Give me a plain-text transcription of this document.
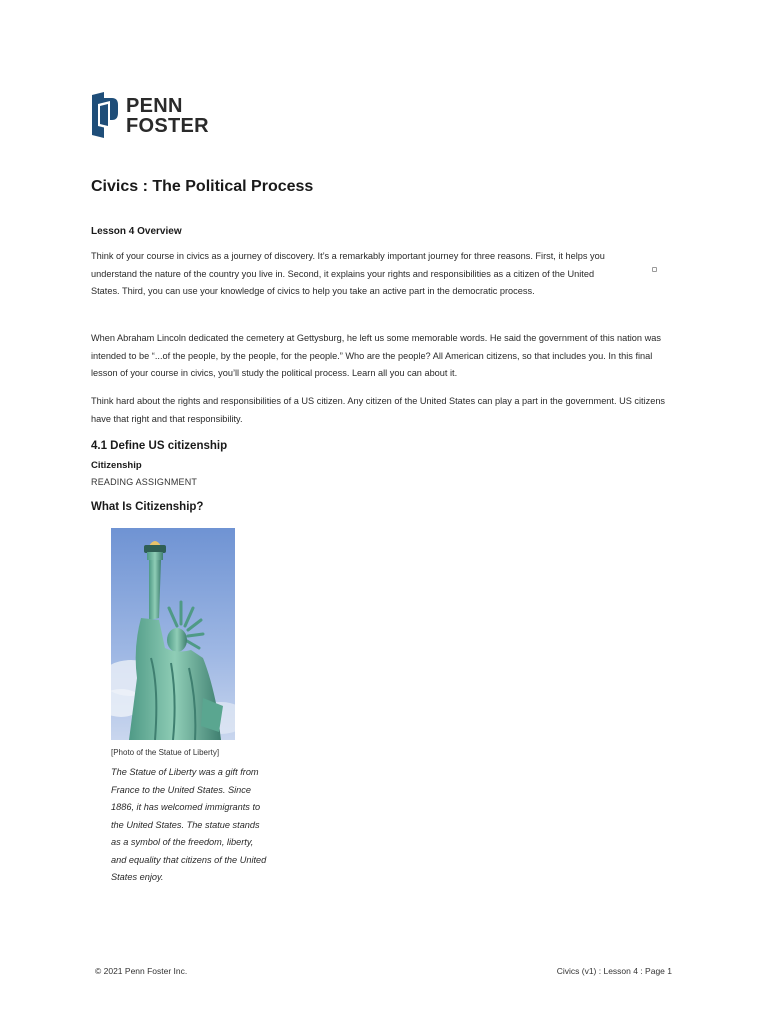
PENN
FOSTER
Civics : The Political Process
Lesson 4 Overview

Think of your course in civics as a journey of discovery. It’s a remarkably important journey for three reasons. First, it helps you understand the nature of the country you live in. Second, it explains your rights and responsibilities as a citizen of the United States. Third, you can use your knowledge of civics to help you take an active part in the democratic process.

When Abraham Lincoln dedicated the cemetery at Gettysburg, he left us some memorable words. He said the government of this nation was intended to be “...of the people, by the people, for the people.” Who are the people? All American citizens, so that includes you. In this final lesson of your course in civics, you’ll study the political process. Learn all you can about it.

Think hard about the rights and responsibilities of a US citizen. Any citizen of the United States can play a part in the government. US citizens have that right and that responsibility.

4.1 Define US citizenship
Citizenship

READING ASSIGNMENT

What Is Citizenship?

[Photo of the Statue of Liberty]

The Statue of Liberty was a gift from France to the United States. Since 1886, it has welcomed immigrants to the United States. The statue stands as a symbol of the freedom, liberty, and equality that citizens of the United States enjoy.

© 2021 Penn Foster Inc.	Civics (v1) : Lesson 4 : Page 1
